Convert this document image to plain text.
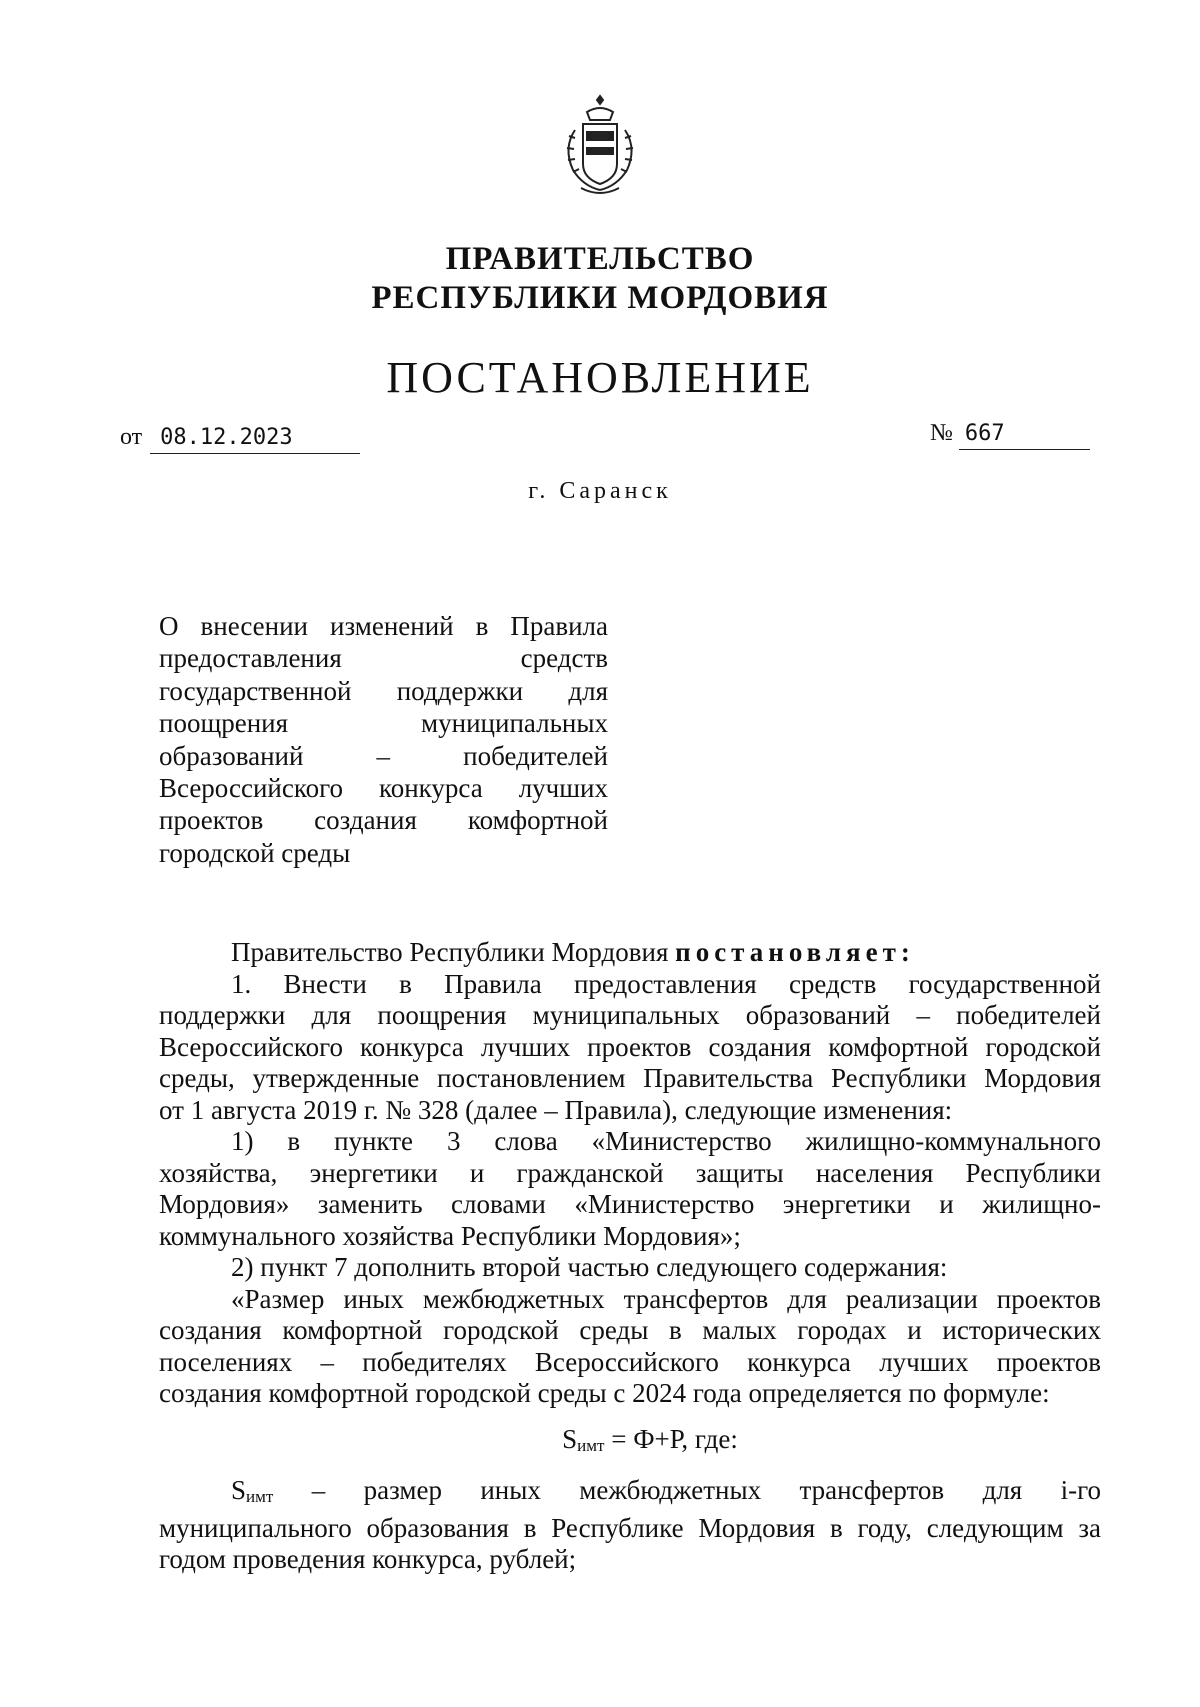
ПРАВИТЕЛЬСТВО
РЕСПУБЛИКИ МОРДОВИЯ
ПОСТАНОВЛЕНИЕ
от 08.12.2023	№ 667
г. Саранск
О внесении изменений в Правила
предоставления средств
государственной поддержки для
поощрения муниципальных
образований – победителей
Всероссийского конкурса лучших
проектов создания комфортной
городской среды
Правительство Республики Мордовия постановляет:
1. Внести в Правила предоставления средств государственной
поддержки для поощрения муниципальных образований – победителей
Всероссийского конкурса лучших проектов создания комфортной городской
среды, утвержденные постановлением Правительства Республики Мордовия
от 1 августа 2019 г. № 328 (далее – Правила), следующие изменения:
1) в пункте 3 слова «Министерство жилищно-коммунального
хозяйства, энергетики и гражданской защиты населения Республики
Мордовия» заменить словами «Министерство энергетики и жилищно-
коммунального хозяйства Республики Мордовия»;
2) пункт 7 дополнить второй частью следующего содержания:
«Размер иных межбюджетных трансфертов для реализации проектов
создания комфортной городской среды в малых городах и исторических
поселениях – победителях Всероссийского конкурса лучших проектов
создания комфортной городской среды с 2024 года определяется по формуле:
Sимт = Ф+Р, где:
Sимт – размер иных межбюджетных трансфертов для i-го
муниципального образования в Республике Мордовия в году, следующим за
годом проведения конкурса, рублей;
